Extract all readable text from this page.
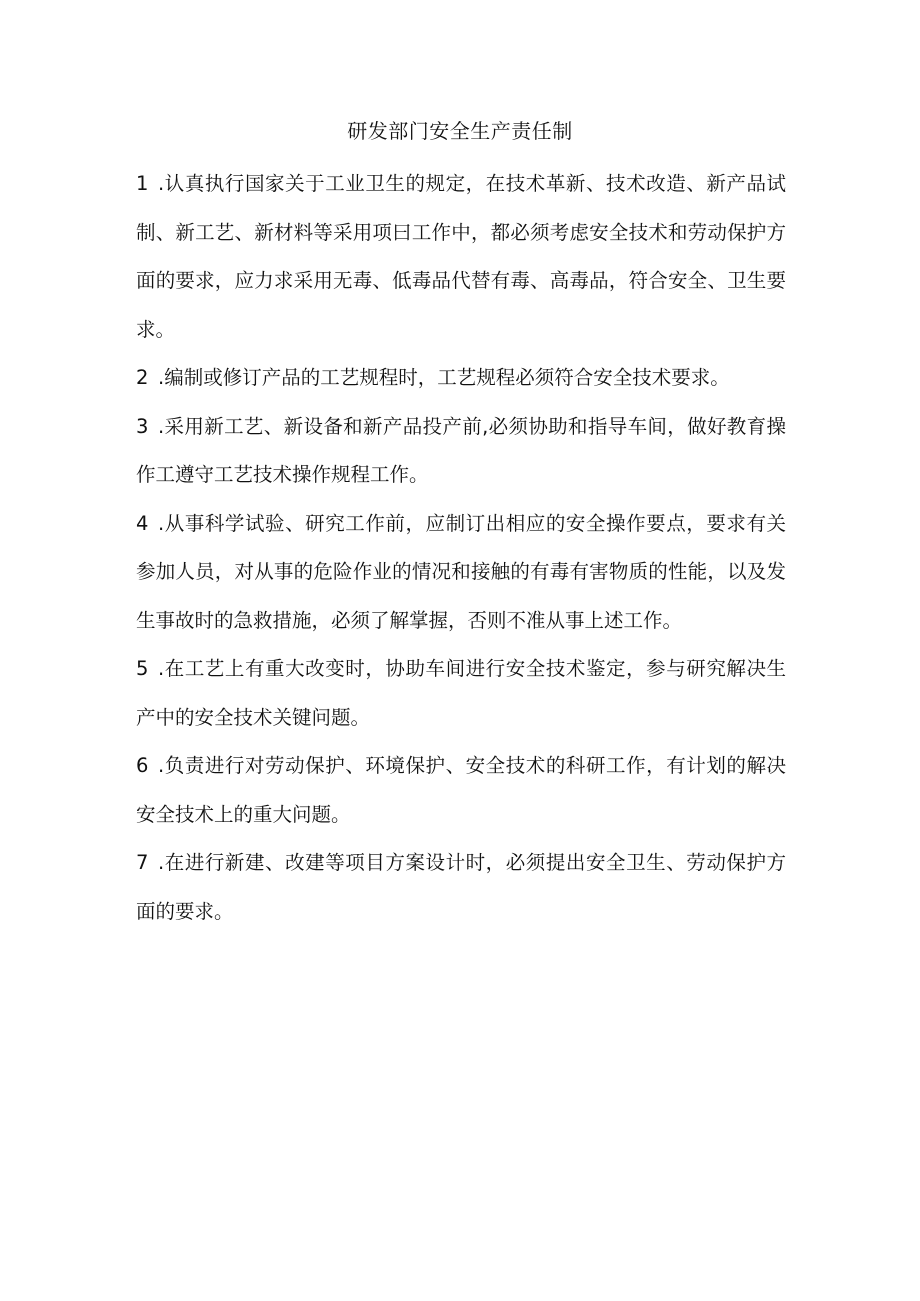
研发部门安全生产责任制

1 .认真执行国家关于工业卫生的规定，在技术革新、技术改造、新产品试制、新工艺、新材料等采用项曰工作中，都必须考虑安全技术和劳动保护方面的要求，应力求采用无毒、低毒品代替有毒、高毒品，符合安全、卫生要求。

2 .编制或修订产品的工艺规程时，工艺规程必须符合安全技术要求。

3 .采用新工艺、新设备和新产品投产前,必须协助和指导车间，做好教育操作工遵守工艺技术操作规程工作。

4 .从事科学试验、研究工作前，应制订出相应的安全操作要点，要求有关参加人员，对从事的危险作业的情况和接触的有毒有害物质的性能，以及发生事故时的急救措施，必须了解掌握，否则不准从事上述工作。

5 .在工艺上有重大改变时，协助车间进行安全技术鉴定，参与研究解决生产中的安全技术关键问题。

6 .负责进行对劳动保护、环境保护、安全技术的科研工作，有计划的解决安全技术上的重大问题。

7 .在进行新建、改建等项目方案设计时，必须提出安全卫生、劳动保护方面的要求。
